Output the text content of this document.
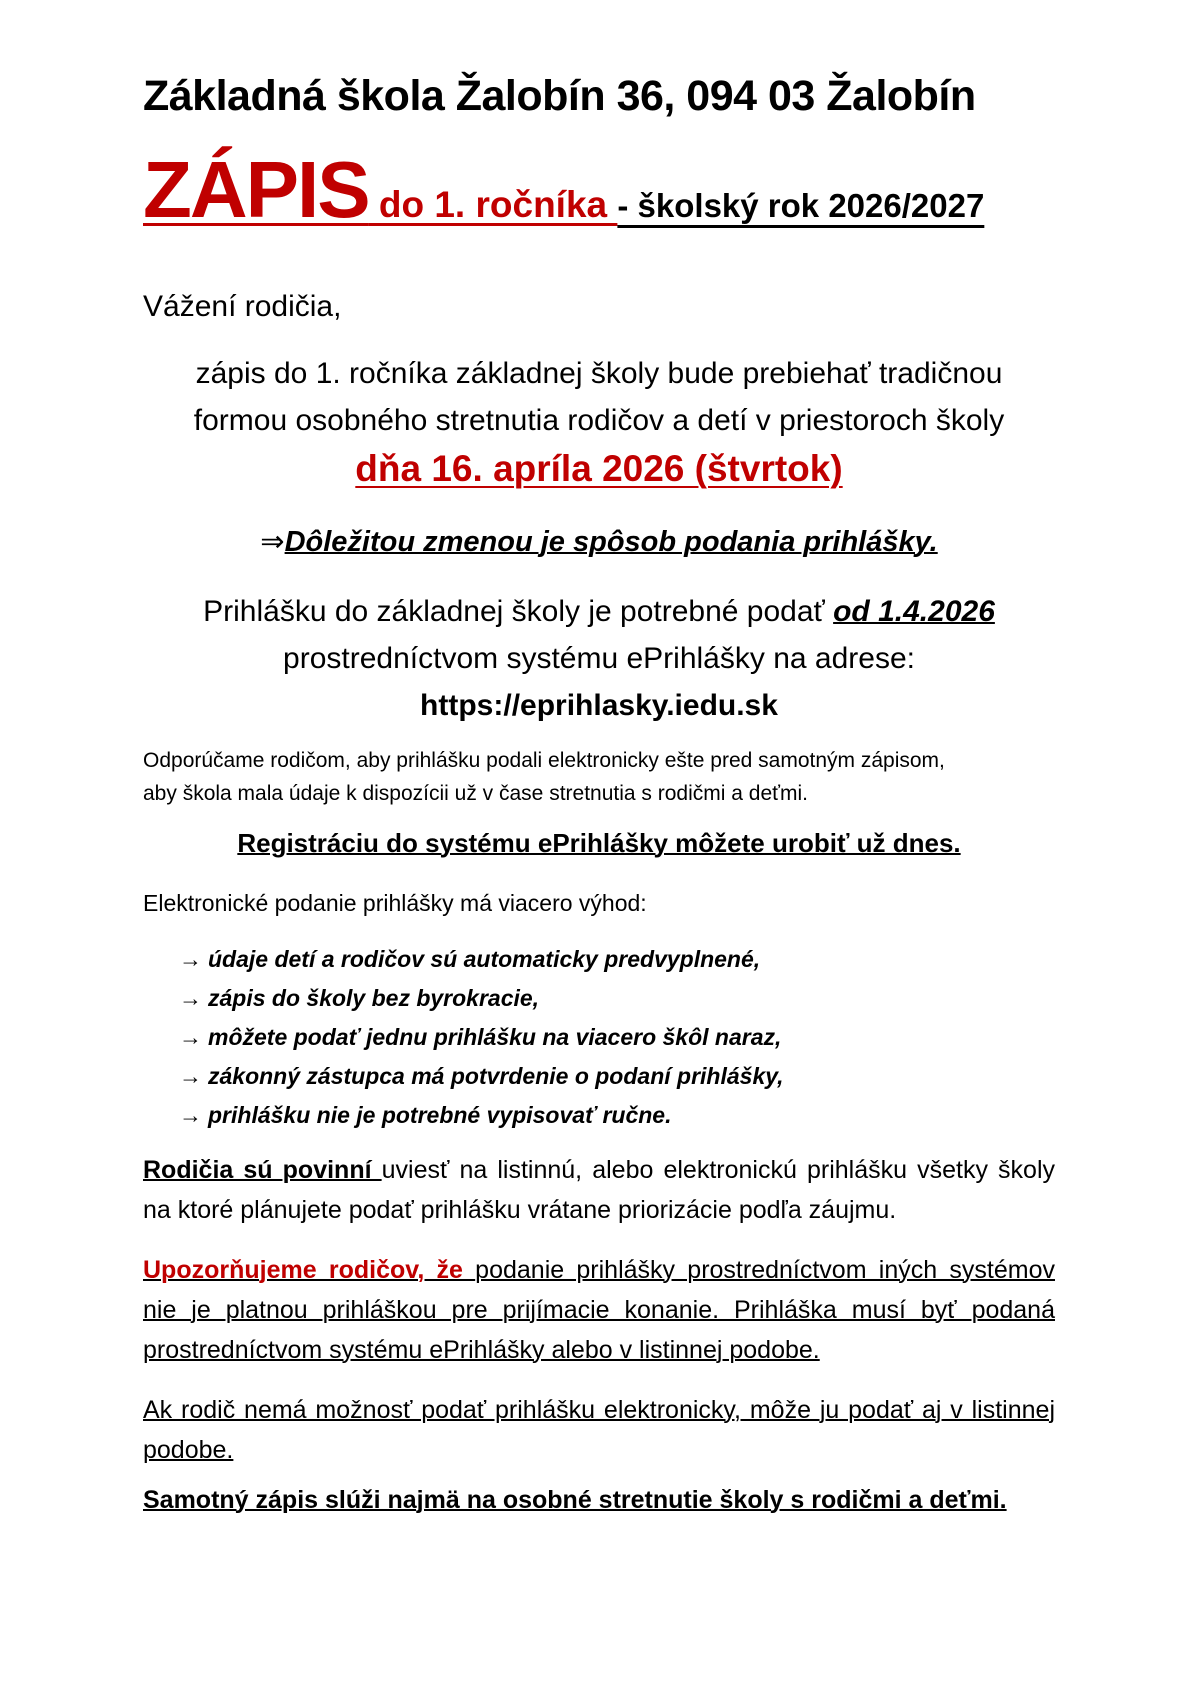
Základná škola Žalobín 36, 094 03 Žalobín
ZÁPIS do 1. ročníka - školský rok 2026/2027
Vážení rodičia,
zápis do 1. ročníka základnej školy bude prebiehať tradičnou
formou osobného stretnutia rodičov a detí v priestoroch školy
dňa 16. apríla 2026 (štvrtok)
⇒Dôležitou zmenou je spôsob podania prihlášky.
Prihlášku do základnej školy je potrebné podať od 1.4.2026
prostredníctvom systému ePrihlášky na adrese:
https://eprihlasky.iedu.sk
Odporúčame rodičom, aby prihlášku podali elektronicky ešte pred samotným zápisom,
aby škola mala údaje k dispozícii už v čase stretnutia s rodičmi a deťmi.
Registráciu do systému ePrihlášky môžete urobiť už dnes.
Elektronické podanie prihlášky má viacero výhod:
→ údaje detí a rodičov sú automaticky predvyplnené,
→ zápis do školy bez byrokracie,
→ môžete podať jednu prihlášku na viacero škôl naraz,
→ zákonný zástupca má potvrdenie o podaní prihlášky,
→ prihlášku nie je potrebné vypisovať ručne.
Rodičia sú povinní uviesť na listinnú, alebo elektronickú prihlášku všetky školy na ktoré plánujete podať prihlášku vrátane priorizácie podľa záujmu.
Upozorňujeme rodičov, že podanie prihlášky prostredníctvom iných systémov nie je platnou prihláškou pre prijímacie konanie. Prihláška musí byť podaná prostredníctvom systému ePrihlášky alebo v listinnej podobe.
Ak rodič nemá možnosť podať prihlášku elektronicky, môže ju podať aj v listinnej podobe.
Samotný zápis slúži najmä na osobné stretnutie školy s rodičmi a deťmi.
